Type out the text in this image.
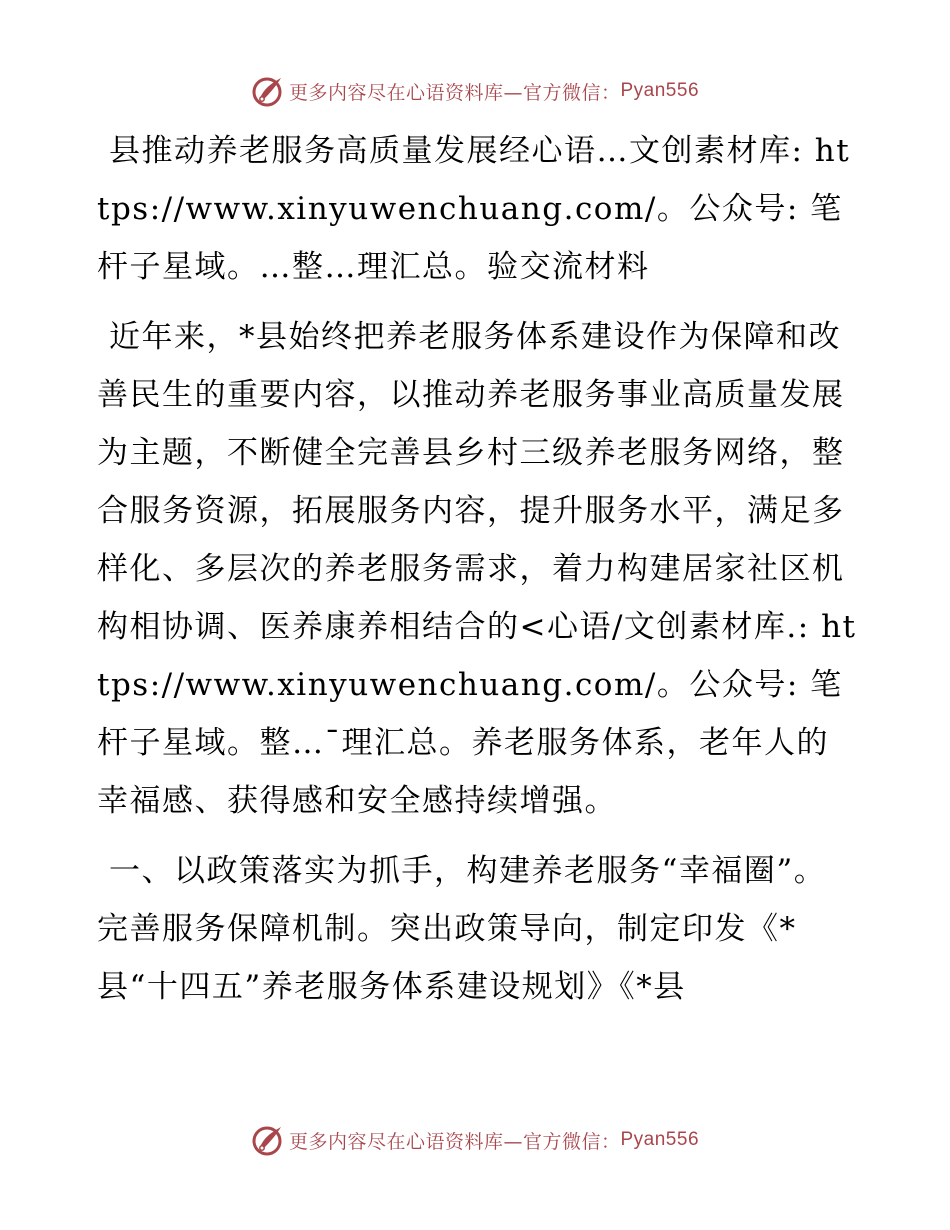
更多内容尽在心语资料库—官方微信： Pyan556

县推动养老服务高质量发展经心语…文创素材库: https://www.xinyuwenchuang.com/。公众号: 笔杆子星域。…整…理汇总。验交流材料

近年来，*县始终把养老服务体系建设作为保障和改善民生的重要内容，以推动养老服务事业高质量发展为主题，不断健全完善县乡村三级养老服务网络，整合服务资源，拓展服务内容，提升服务水平，满足多样化、多层次的养老服务需求，着力构建居家社区机构相协调、医养康养相结合的<心语/文创素材库.: https://www.xinyuwenchuang.com/。公众号: 笔杆子星域。整…¯理汇总。养老服务体系，老年人的幸福感、获得感和安全感持续增强。

一、以政策落实为抓手，构建养老服务“幸福圈”。完善服务保障机制。突出政策导向，制定印发《*县“十四五”养老服务体系建设规划》《*县

更多内容尽在心语资料库—官方微信： Pyan556
